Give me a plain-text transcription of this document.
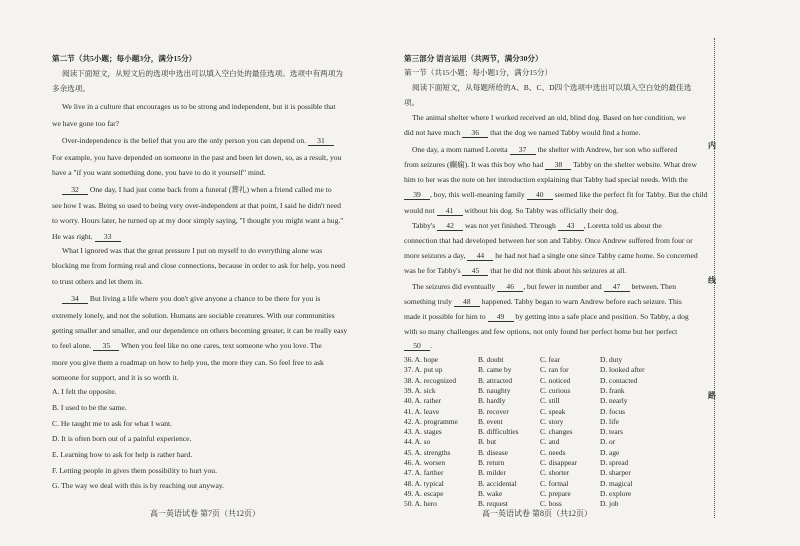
第二节（共5小题；每小题3分，满分15分）
阅读下面短文，从短文后的选项中选出可以填入空白处的最佳选项。选项中有两项为
多余选项。
We live in a culture that encourages us to be strong and independent, but it is possible that
we have gone too far?
Over-independence is the belief that you are the only person you can depend on. 31
For example, you have depended on someone in the past and been let down, so, as a result, you
have a "if you want something done, you have to do it yourself" mind.
32 One day, I had just come back from a funeral (葬礼) when a friend called me to
see how I was. Being so used to being very over-independent at that point, I said he didn't need
to worry. Hours later, he turned up at my door simply saying, "I thought you might want a hug."
He was right. 33
What I ignored was that the great pressure I put on myself to do everything alone was
blocking me from forming real and close connections, because in order to ask for help, you need
to trust others and let them in.
34 But living a life where you don't give anyone a chance to be there for you is
extremely lonely, and not the solution. Humans are sociable creatures. With our communities
getting smaller and smaller, and our dependence on others becoming greater, it can be really easy
to feel alone. 35 When you feel like no one cares, text someone who you love. The
more you give them a roadmap on how to help you, the more they can. So feel free to ask
someone for support, and it is so worth it.
A. I felt the opposite.
B. I used to be the same.
C. He taught me to ask for what I want.
D. It is often born out of a painful experience.
E. Learning how to ask for help is rather hard.
F. Letting people in gives them possibility to hurt you.
G. The way we deal with this is by reaching out anyway.
高一英语试卷 第7页（共12页）
第三部分 语言运用（共两节，满分30分）
第一节（共15小题；每小题1分，满分15分）
阅读下面短文，从每题所给的A、B、C、D四个选项中选出可以填入空白处的最佳选
项。
The animal shelter where I worked received an old, blind dog. Based on her condition, we
did not have much 36 that the dog we named Tabby would find a home.
One day, a mom named Loretta 37 the shelter with Andrew, her son who suffered
from seizures (癫痫). It was this boy who had 38 Tabby on the shelter website. What drew
him to her was the note on her introduction explaining that Tabby had special needs. With the
39 , boy, this well-meaning family 40 seemed like the perfect fit for Tabby. But the child
would not 41 without his dog. So Tabby was officially their dog.
Tabby's 42 was not yet finished. Through 43 , Loretta told us about the
connection that had developed between her son and Tabby. Once Andrew suffered from four or
more seizures a day, 44 he had not had a single one since Tabby came home. So concerned
was he for Tabby's 45 that he did not think about his seizures at all.
The seizures did eventually 46 , but fewer in number and 47 between. Then
something truly 48 happened. Tabby began to warn Andrew before each seizure. This
made it possible for him to 49 by getting into a safe place and position. So Tabby, a dog
with so many challenges and few options, not only found her perfect home but her perfect
50 .
36. A. hope	B. doubt	C. fear	D. duty
37. A. put up	B. came by	C. ran for	D. looked after
38. A. recognized	B. attracted	C. noticed	D. contacted
39. A. sick	B. naughty	C. curious	D. frank
40. A. rather	B. hardly	C. still	D. nearly
41. A. leave	B. recover	C. speak	D. focus
42. A. programme	B. event	C. story	D. life
43. A. stages	B. difficulties	C. changes	D. tears
44. A. so	B. but	C. and	D. or
45. A. strengths	B. disease	C. needs	D. age
46. A. worsen	B. return	C. disappear	D. spread
47. A. farther	B. milder	C. shorter	D. sharper
48. A. typical	B. accidental	C. formal	D. magical
49. A. escape	B. wake	C. prepare	D. explore
50. A. hero	B. request	C. boss	D. job
高一英语试卷 第8页（共12页）
内
线
路
